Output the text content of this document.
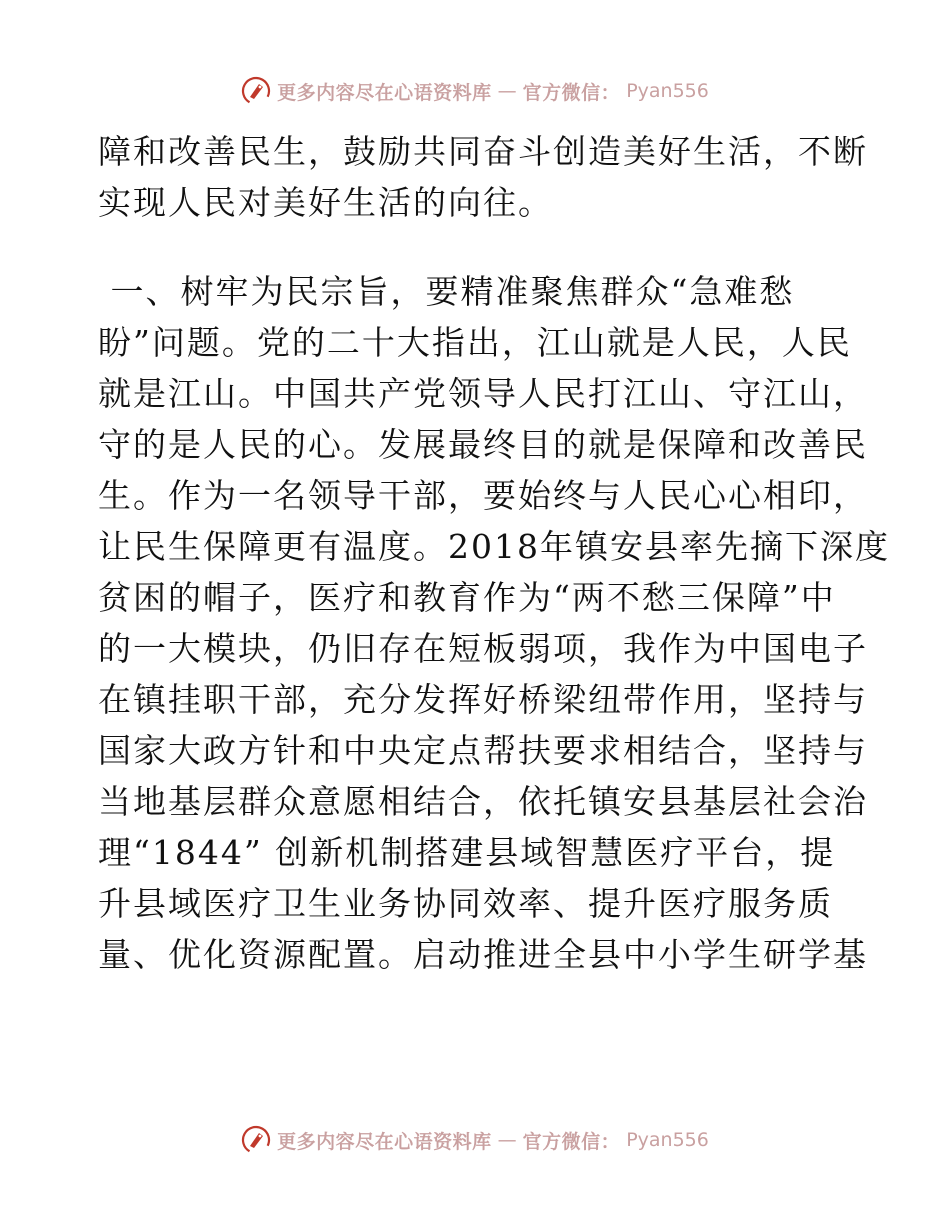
更多内容尽在心语资料库 — 官方微信： Pyan556
障和改善民生，鼓励共同奋斗创造美好生活，不断
实现人民对美好生活的向往。
一、树牢为民宗旨，要精准聚焦群众“急难愁
盼”问题。党的二十大指出，江山就是人民，人民
就是江山。中国共产党领导人民打江山、守江山，
守的是人民的心。发展最终目的就是保障和改善民
生。作为一名领导干部，要始终与人民心心相印，
让民生保障更有温度。2018年镇安县率先摘下深度
贫困的帽子，医疗和教育作为“两不愁三保障”中
的一大模块，仍旧存在短板弱项，我作为中国电子
在镇挂职干部，充分发挥好桥梁纽带作用，坚持与
国家大政方针和中央定点帮扶要求相结合，坚持与
当地基层群众意愿相结合，依托镇安县基层社会治
理“1844” 创新机制搭建县域智慧医疗平台，提
升县域医疗卫生业务协同效率、提升医疗服务质
量、优化资源配置。启动推进全县中小学生研学基
更多内容尽在心语资料库 — 官方微信： Pyan556
